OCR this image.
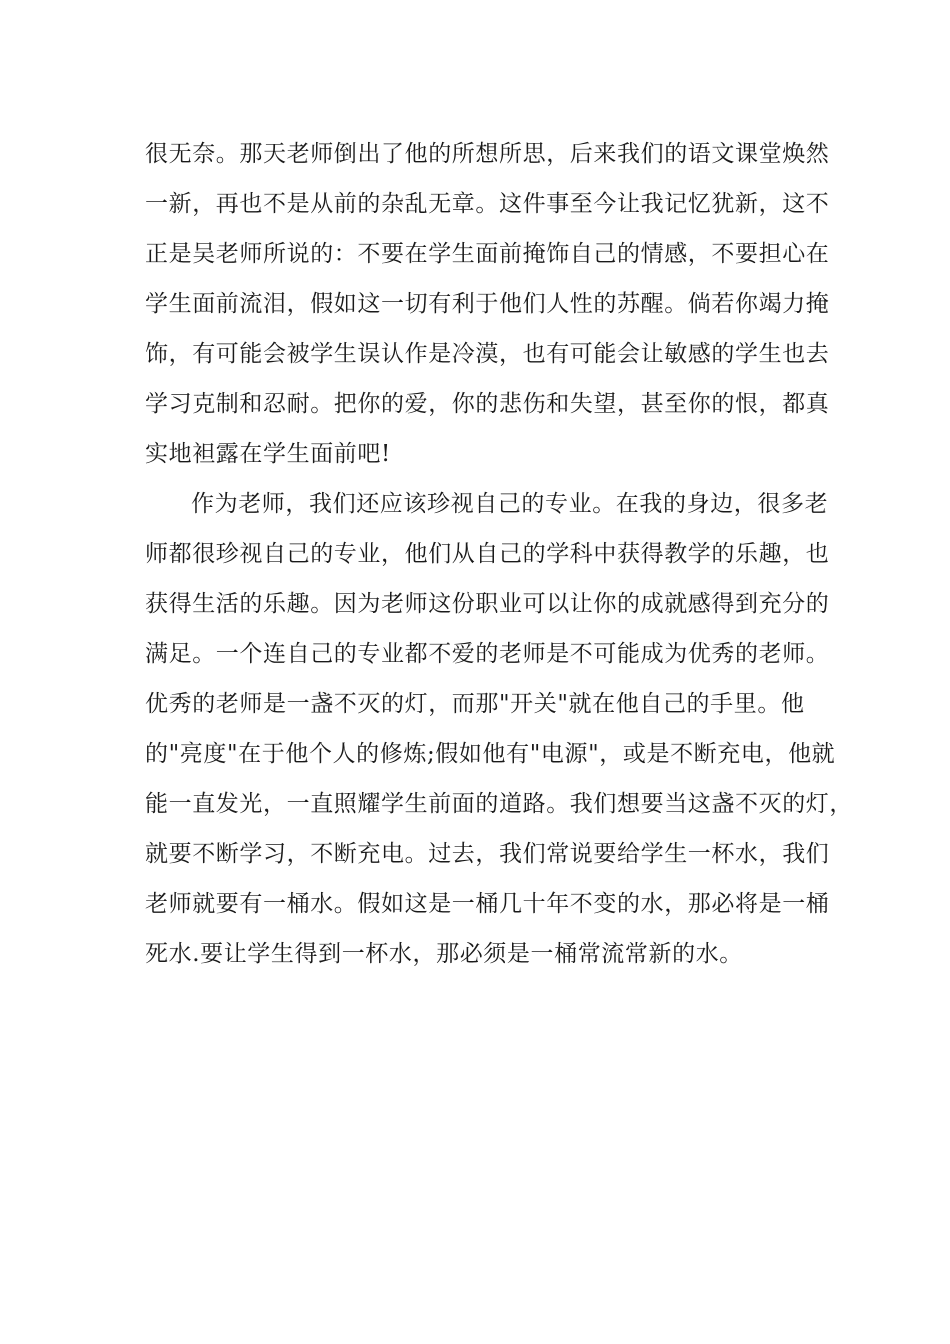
很无奈。那天老师倒出了他的所想所思，后来我们的语文课堂焕然
一新，再也不是从前的杂乱无章。这件事至今让我记忆犹新，这不
正是吴老师所说的：不要在学生面前掩饰自己的情感，不要担心在
学生面前流泪，假如这一切有利于他们人性的苏醒。倘若你竭力掩
饰，有可能会被学生误认作是冷漠，也有可能会让敏感的学生也去
学习克制和忍耐。把你的爱，你的悲伤和失望，甚至你的恨，都真
实地袒露在学生面前吧!
作为老师，我们还应该珍视自己的专业。在我的身边，很多老
师都很珍视自己的专业，他们从自己的学科中获得教学的乐趣，也
获得生活的乐趣。因为老师这份职业可以让你的成就感得到充分的
满足。一个连自己的专业都不爱的老师是不可能成为优秀的老师。
优秀的老师是一盏不灭的灯，而那"开关"就在他自己的手里。他
的"亮度"在于他个人的修炼;假如他有"电源"，或是不断充电，他就
能一直发光，一直照耀学生前面的道路。我们想要当这盏不灭的灯，
就要不断学习，不断充电。过去，我们常说要给学生一杯水，我们
老师就要有一桶水。假如这是一桶几十年不变的水，那必将是一桶
死水.要让学生得到一杯水，那必须是一桶常流常新的水。
